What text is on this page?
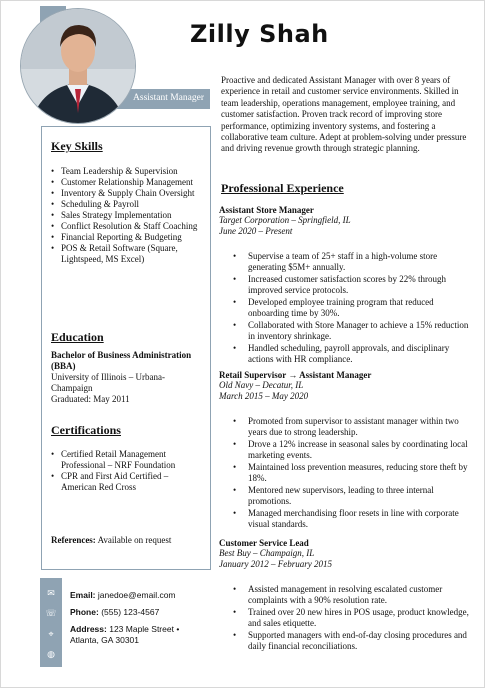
Assistant Manager
Zilly Shah
Key Skills
• Team Leadership & Supervision
• Customer Relationship Management
• Inventory & Supply Chain Oversight
• Scheduling & Payroll
• Sales Strategy Implementation
• Conflict Resolution & Staff Coaching
• Financial Reporting & Budgeting
• POS & Retail Software (Square, Lightspeed, MS Excel)
Education
Bachelor of Business Administration (BBA)
University of Illinois – Urbana-Champaign
Graduated: May 2011
Certifications
• Certified Retail Management Professional – NRF Foundation
• CPR and First Aid Certified – American Red Cross
References: Available on request
✉
☏
⌖
◍
Email: janedoe@email.com
Phone: (555) 123-4567
Address: 123 Maple Street •
Atlanta, GA 30301
Proactive and dedicated Assistant Manager with over 8 years of experience in retail and customer service environments. Skilled in team leadership, operations management, employee training, and customer satisfaction. Proven track record of improving store performance, optimizing inventory systems, and fostering a collaborative team culture. Adept at problem-solving under pressure and driving revenue growth through strategic planning.
Professional Experience
Assistant Store Manager
Target Corporation – Springfield, IL
June 2020 – Present
• Supervise a team of 25+ staff in a high-volume store generating $5M+ annually.
• Increased customer satisfaction scores by 22% through improved service protocols.
• Developed employee training program that reduced onboarding time by 30%.
• Collaborated with Store Manager to achieve a 15% reduction in inventory shrinkage.
• Handled scheduling, payroll approvals, and disciplinary actions with HR compliance.
Retail Supervisor → Assistant Manager
Old Navy – Decatur, IL
March 2015 – May 2020
• Promoted from supervisor to assistant manager within two years due to strong leadership.
• Drove a 12% increase in seasonal sales by coordinating local marketing events.
• Maintained loss prevention measures, reducing store theft by 18%.
• Mentored new supervisors, leading to three internal promotions.
• Managed merchandising floor resets in line with corporate visual standards.
Customer Service Lead
Best Buy – Champaign, IL
January 2012 – February 2015
• Assisted management in resolving escalated customer complaints with a 90% resolution rate.
• Trained over 20 new hires in POS usage, product knowledge, and sales etiquette.
• Supported managers with end-of-day closing procedures and daily financial reconciliations.
